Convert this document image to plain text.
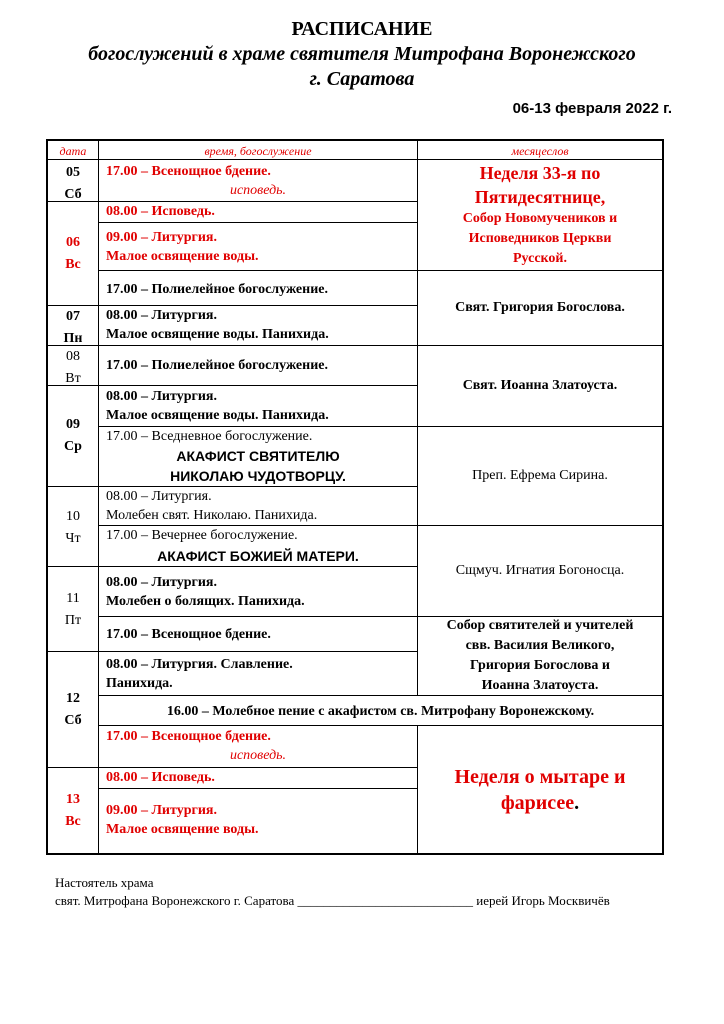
РАСПИСАНИЕ
богослужений в храме святителя Митрофана Воронежского
г. Саратова
06-13 февраля 2022 г.
дата	время, богослужение	месяцеслов
05
Сб
06
Вс
07
Пн
08
Вт
09
Ср
10
Чт
11
Пт
12
Сб
13
Вс
17.00 – Всенощное бдение.
исповедь.
08.00 – Исповедь.
09.00 – Литургия.
Малое освящение воды.
17.00 – Полиелейное богослужение.
08.00 – Литургия.
Малое освящение воды. Панихида.
17.00 – Полиелейное богослужение.
08.00 – Литургия.
Малое освящение воды. Панихида.
17.00 – Вседневное богослужение.
АКАФИСТ СВЯТИТЕЛЮ
НИКОЛАЮ ЧУДОТВОРЦУ.
08.00 – Литургия.
Молебен свят. Николаю. Панихида.
17.00 – Вечернее богослужение.
АКАФИСТ БОЖИЕЙ МАТЕРИ.
08.00 – Литургия.
Молебен о болящих. Панихида.
17.00 – Всенощное бдение.
08.00 – Литургия. Славление.
Панихида.
16.00 – Молебное пение с акафистом св. Митрофану Воронежскому.
17.00 – Всенощное бдение.
исповедь.
08.00 – Исповедь.
09.00 – Литургия.
Малое освящение воды.
Неделя 33-я по
Пятидесятнице,
Собор Новомучеников и
Исповедников Церкви
Русской.
Свят. Григория Богослова.
Свят. Иоанна Златоуста.
Преп. Ефрема Сирина.
Сщмуч. Игнатия Богоносца.
Собор святителей и учителей
свв. Василия Великого,
Григория Богослова и
Иоанна Златоуста.
Неделя о мытаре и
фарисее.
Настоятель храма
свят. Митрофана Воронежского г. Саратова ___________________________ иерей Игорь Москвичёв
